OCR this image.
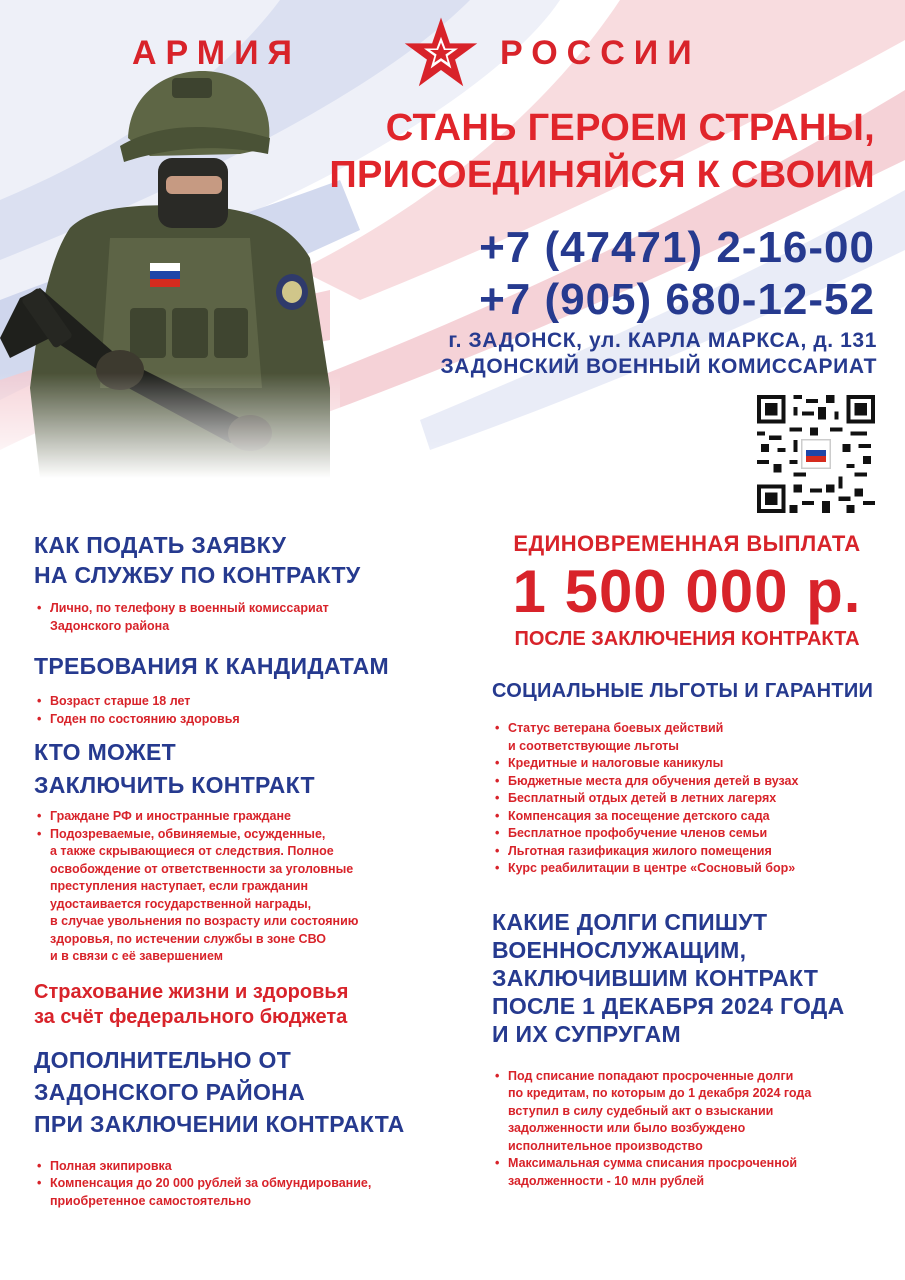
АРМИЯ	РОССИИ
СТАНЬ ГЕРОЕМ СТРАНЫ,
ПРИСОЕДИНЯЙСЯ К СВОИМ
+7 (47471) 2-16-00
+7 (905) 680-12-52
г. ЗАДОНСК, ул. КАРЛА МАРКСА, д. 131
ЗАДОНСКИЙ ВОЕННЫЙ КОМИССАРИАТ
КАК ПОДАТЬ ЗАЯВКУ
НА СЛУЖБУ ПО КОНТРАКТУ
• Лично, по телефону в военный комиссариат
Задонского района
ТРЕБОВАНИЯ К КАНДИДАТАМ
• Возраст старше 18 лет
• Годен по состоянию здоровья
КТО МОЖЕТ
ЗАКЛЮЧИТЬ КОНТРАКТ
• Граждане РФ и иностранные граждане
• Подозреваемые, обвиняемые, осужденные,
а также скрывающиеся от следствия. Полное
освобождение от ответственности за уголовные
преступления наступает, если гражданин
удостаивается государственной награды,
в случае увольнения по возрасту или состоянию
здоровья, по истечении службы в зоне СВО
и в связи с её завершением
Страхование жизни и здоровья
за счёт федерального бюджета
ДОПОЛНИТЕЛЬНО ОТ
ЗАДОНСКОГО РАЙОНА
ПРИ ЗАКЛЮЧЕНИИ КОНТРАКТА
• Полная экипировка
• Компенсация до 20 000 рублей за обмундирование,
приобретенное самостоятельно
ЕДИНОВРЕМЕННАЯ ВЫПЛАТА
1 500 000 р.
ПОСЛЕ ЗАКЛЮЧЕНИЯ КОНТРАКТА
СОЦИАЛЬНЫЕ ЛЬГОТЫ И ГАРАНТИИ
• Статус ветерана боевых действий
и соответствующие льготы
• Кредитные и налоговые каникулы
• Бюджетные места для обучения детей в вузах
• Бесплатный отдых детей в летних лагерях
• Компенсация за посещение детского сада
• Бесплатное профобучение членов семьи
• Льготная газификация жилого помещения
• Курс реабилитации в центре «Сосновый бор»
КАКИЕ ДОЛГИ СПИШУТ
ВОЕННОСЛУЖАЩИМ,
ЗАКЛЮЧИВШИМ КОНТРАКТ
ПОСЛЕ 1 ДЕКАБРЯ 2024 ГОДА
И ИХ СУПРУГАМ
• Под списание попадают просроченные долги
по кредитам, по которым до 1 декабря 2024 года
вступил в силу судебный акт о взыскании
задолженности или было возбуждено
исполнительное производство
• Максимальная сумма списания просроченной
задолженности - 10 млн рублей
